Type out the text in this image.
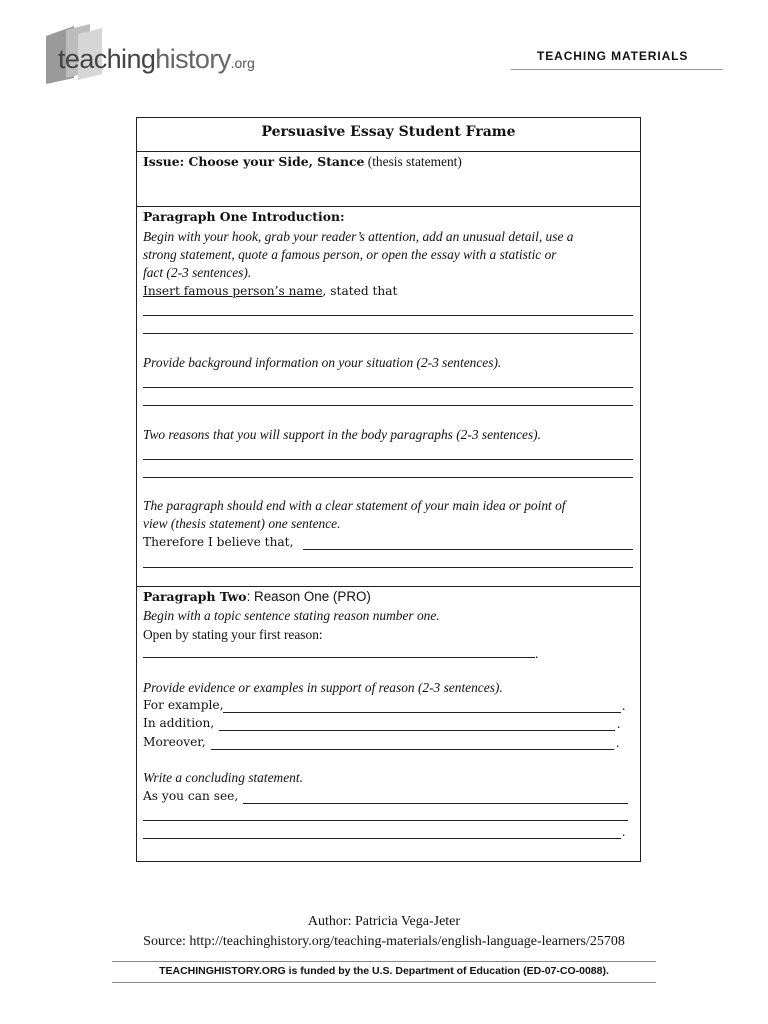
teachinghistory.org	TEACHING MATERIALS
Persuasive Essay Student Frame
Issue: Choose your Side, Stance (thesis statement)
Paragraph One Introduction:
Begin with your hook, grab your reader’s attention, add an unusual detail, use a
strong statement, quote a famous person, or open the essay with a statistic or
fact (2-3 sentences).
Insert famous person’s name, stated that
Provide background information on your situation (2-3 sentences).
Two reasons that you will support in the body paragraphs (2-3 sentences).
The paragraph should end with a clear statement of your main idea or point of
view (thesis statement) one sentence.
Therefore I believe that,
Paragraph Two: Reason One (PRO)
Begin with a topic sentence stating reason number one.
Open by stating your first reason:
.
Provide evidence or examples in support of reason (2-3 sentences).
For example,	.
In addition,	.
Moreover,	.
Write a concluding statement.
As you can see,
.
Author: Patricia Vega-Jeter
Source: http://teachinghistory.org/teaching-materials/english-language-learners/25708
TEACHINGHISTORY.ORG is funded by the U.S. Department of Education (ED-07-CO-0088).
